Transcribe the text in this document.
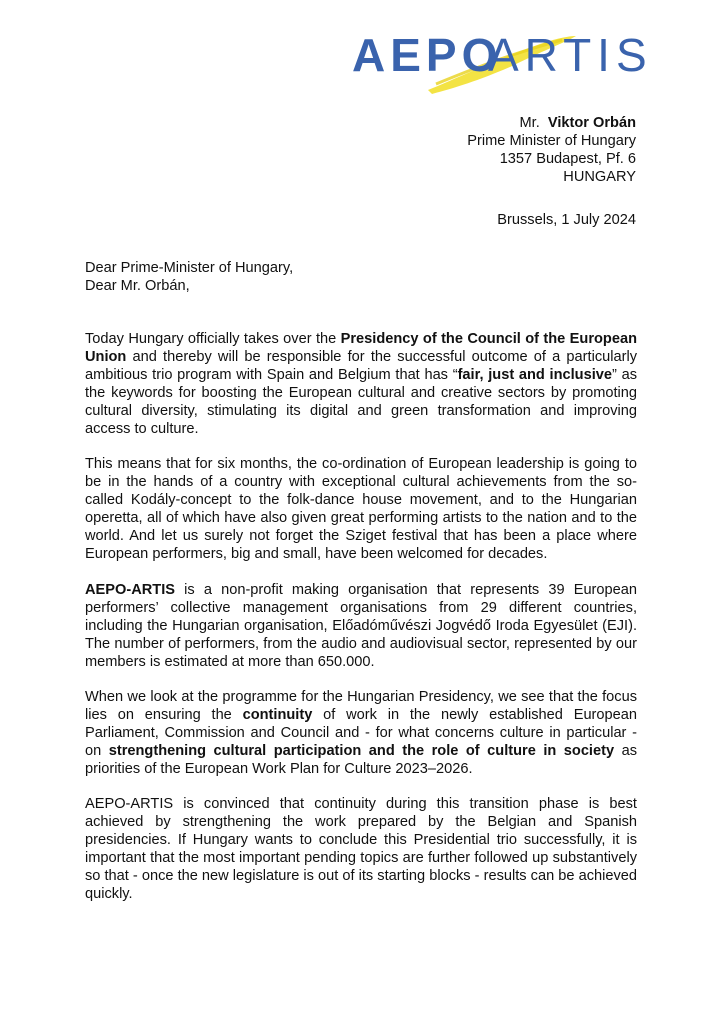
AEPO
ARTIS
Mr. Viktor Orbán
Prime Minister of Hungary
1357 Budapest, Pf. 6
HUNGARY
Brussels, 1 July 2024
Dear Prime-Minister of Hungary,
Dear Mr. Orbán,

Today Hungary officially takes over the Presidency of the Council of the European Union and thereby will be responsible for the successful outcome of a particularly ambitious trio program with Spain and Belgium that has “fair, just and inclusive” as the keywords for boosting the European cultural and creative sectors by promoting cultural diversity, stimulating its digital and green transformation and improving access to culture.

This means that for six months, the co-ordination of European leadership is going to be in the hands of a country with exceptional cultural achievements from the so-called Kodály-concept to the folk-dance house movement, and to the Hungarian operetta, all of which have also given great performing artists to the nation and to the world. And let us surely not forget the Sziget festival that has been a place where European performers, big and small, have been welcomed for decades.

AEPO-ARTIS is a non-profit making organisation that represents 39 European performers’ collective management organisations from 29 different countries, including the Hungarian organisation, Előadóművészi Jogvédő Iroda Egyesület (EJI). The number of performers, from the audio and audiovisual sector, represented by our members is estimated at more than 650.000.

When we look at the programme for the Hungarian Presidency, we see that the focus lies on ensuring the continuity of work in the newly established European Parliament, Commission and Council and - for what concerns culture in particular - on strengthening cultural participation and the role of culture in society as priorities of the European Work Plan for Culture 2023–2026.

AEPO-ARTIS is convinced that continuity during this transition phase is best achieved by strengthening the work prepared by the Belgian and Spanish presidencies. If Hungary wants to conclude this Presidential trio successfully, it is important that the most important pending topics are further followed up substantively so that - once the new legislature is out of its starting blocks - results can be achieved quickly.
